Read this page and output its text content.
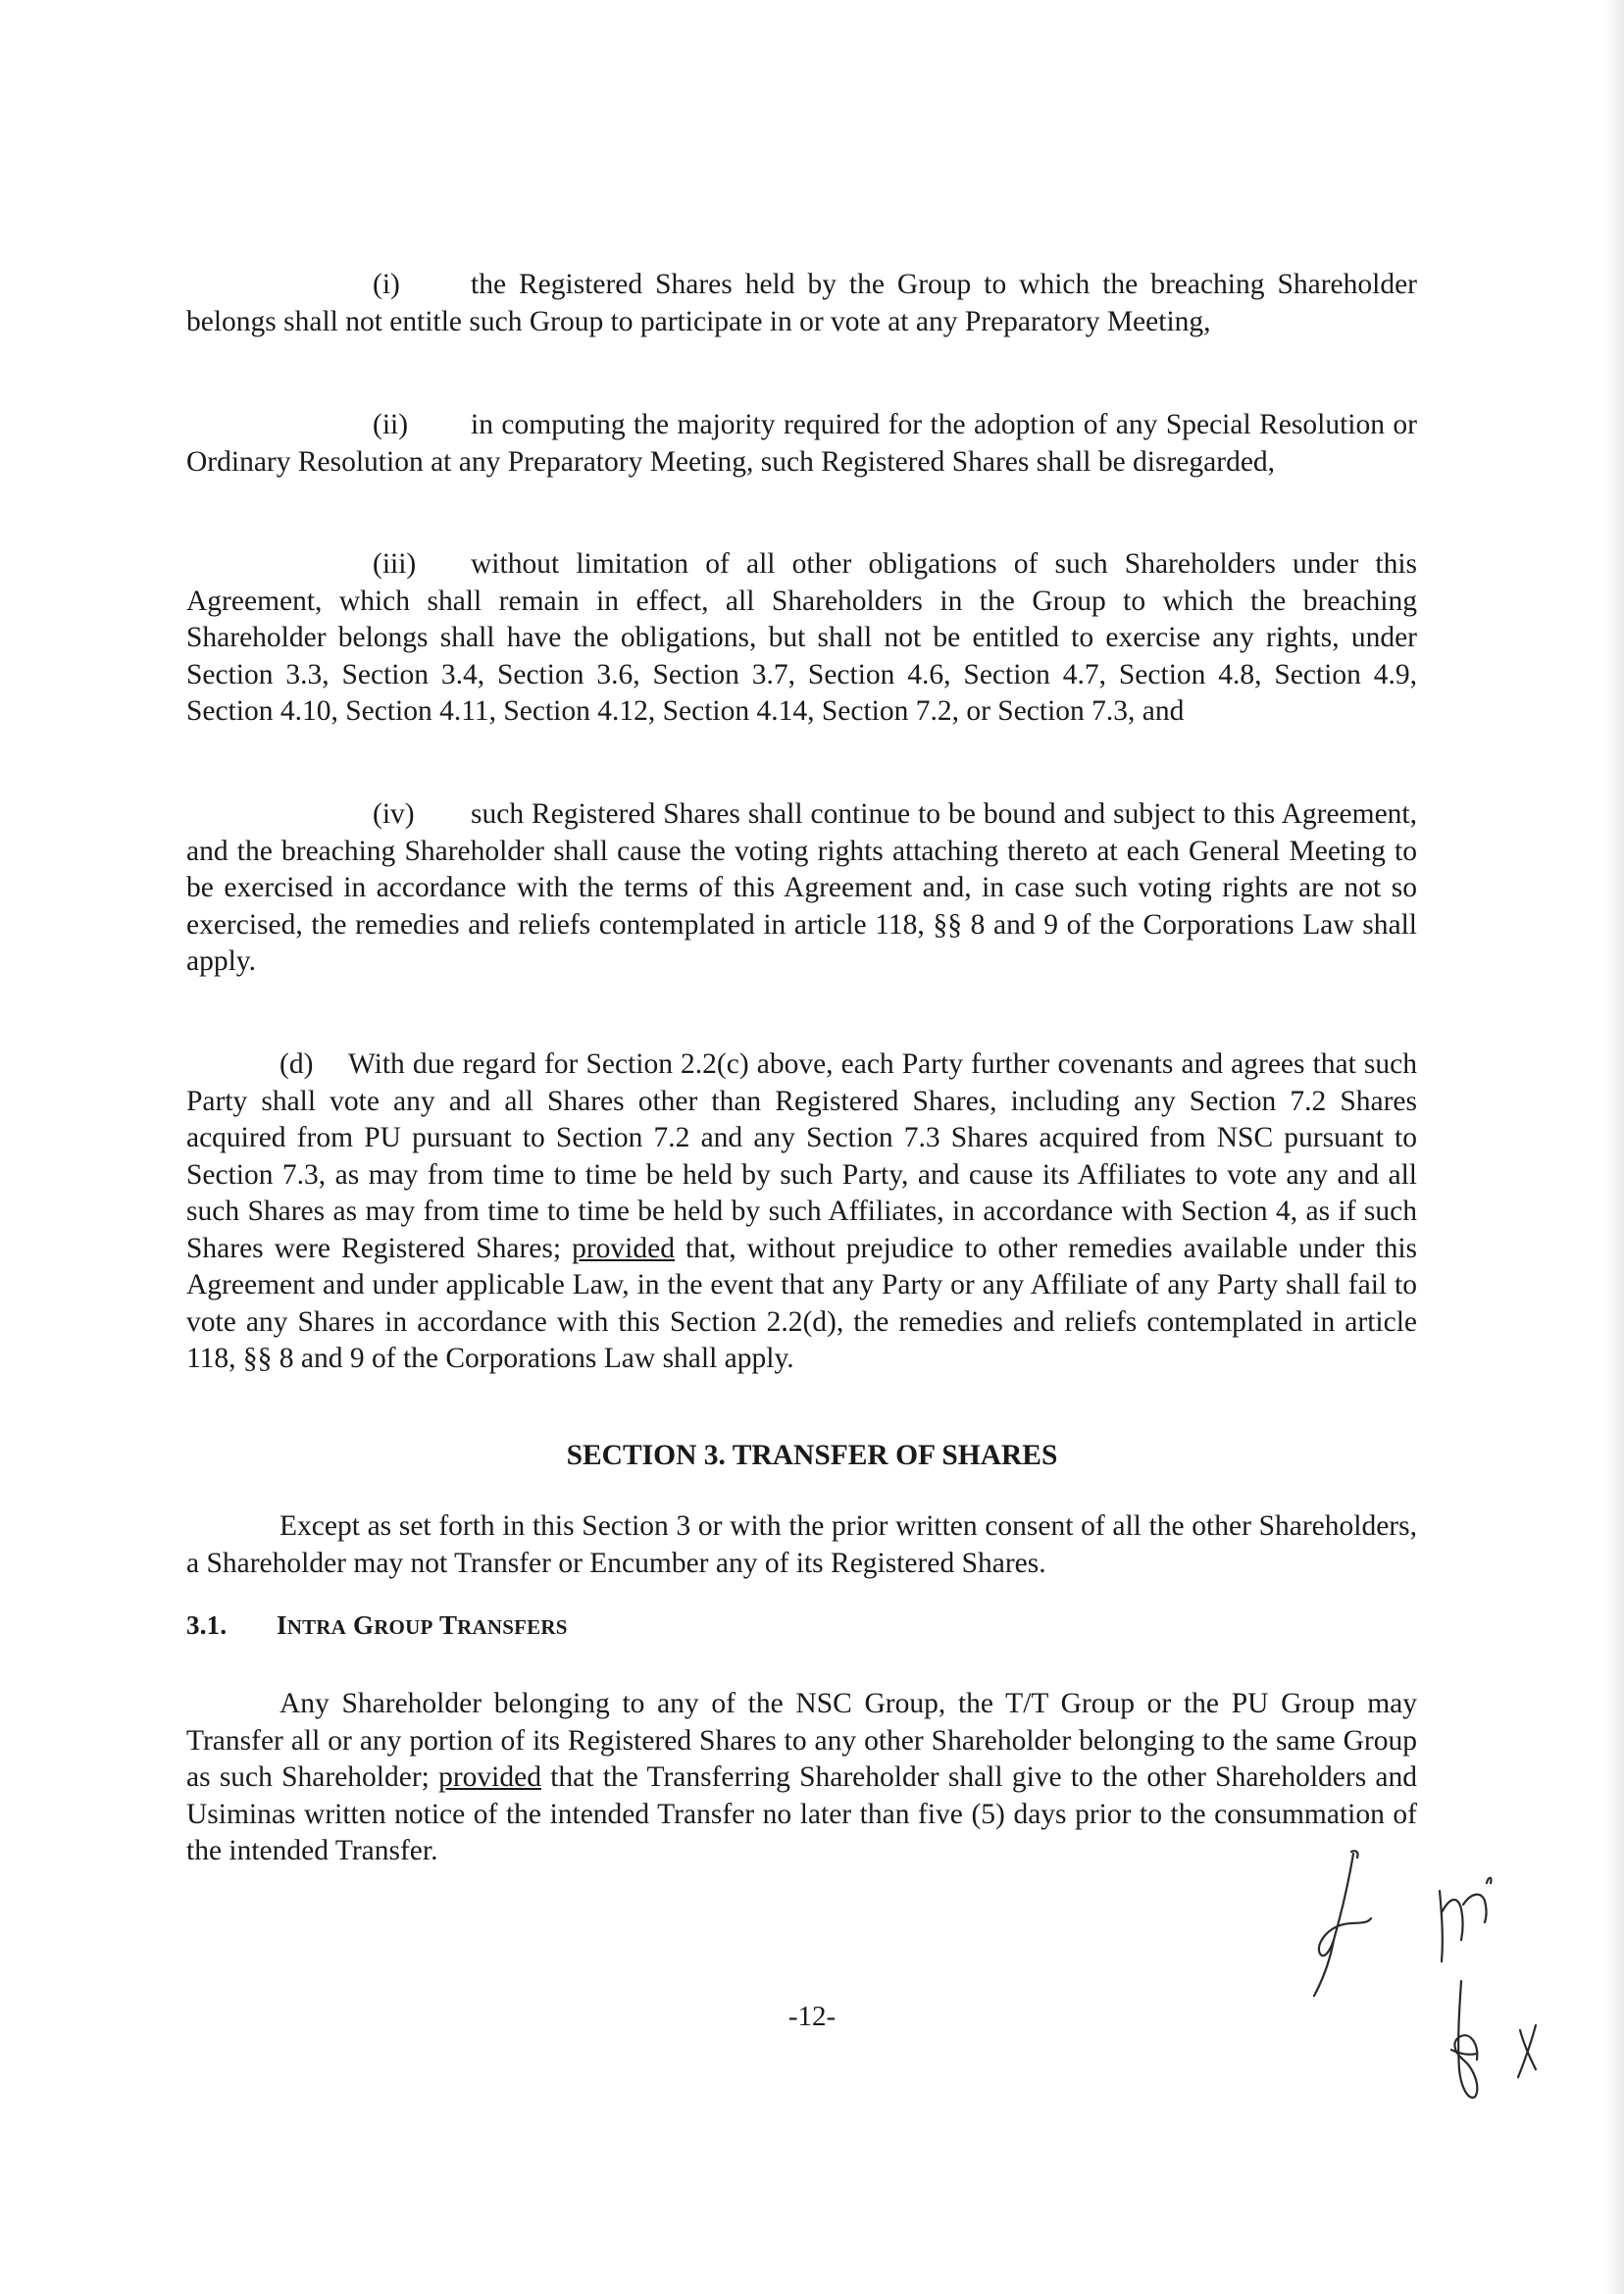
(i) the Registered Shares held by the Group to which the breaching Shareholder belongs shall not entitle such Group to participate in or vote at any Preparatory Meeting,

(ii) in computing the majority required for the adoption of any Special Resolution or Ordinary Resolution at any Preparatory Meeting, such Registered Shares shall be disregarded,

(iii) without limitation of all other obligations of such Shareholders under this Agreement, which shall remain in effect, all Shareholders in the Group to which the breaching Shareholder belongs shall have the obligations, but shall not be entitled to exercise any rights, under Section 3.3, Section 3.4, Section 3.6, Section 3.7, Section 4.6, Section 4.7, Section 4.8, Section 4.9, Section 4.10, Section 4.11, Section 4.12, Section 4.14, Section 7.2, or Section 7.3, and

(iv) such Registered Shares shall continue to be bound and subject to this Agreement, and the breaching Shareholder shall cause the voting rights attaching thereto at each General Meeting to be exercised in accordance with the terms of this Agreement and, in case such voting rights are not so exercised, the remedies and reliefs contemplated in article 118, §§ 8 and 9 of the Corporations Law shall apply.

(d) With due regard for Section 2.2(c) above, each Party further covenants and agrees that such Party shall vote any and all Shares other than Registered Shares, including any Section 7.2 Shares acquired from PU pursuant to Section 7.2 and any Section 7.3 Shares acquired from NSC pursuant to Section 7.3, as may from time to time be held by such Party, and cause its Affiliates to vote any and all such Shares as may from time to time be held by such Affiliates, in accordance with Section 4, as if such Shares were Registered Shares; provided that, without prejudice to other remedies available under this Agreement and under applicable Law, in the event that any Party or any Affiliate of any Party shall fail to vote any Shares in accordance with this Section 2.2(d), the remedies and reliefs contemplated in article 118, §§ 8 and 9 of the Corporations Law shall apply.

SECTION 3. TRANSFER OF SHARES

Except as set forth in this Section 3 or with the prior written consent of all the other Shareholders, a Shareholder may not Transfer or Encumber any of its Registered Shares.

3.1. INTRA GROUP TRANSFERS

Any Shareholder belonging to any of the NSC Group, the T/T Group or the PU Group may Transfer all or any portion of its Registered Shares to any other Shareholder belonging to the same Group as such Shareholder; provided that the Transferring Shareholder shall give to the other Shareholders and Usiminas written notice of the intended Transfer no later than five (5) days prior to the consummation of the intended Transfer.

-12-
